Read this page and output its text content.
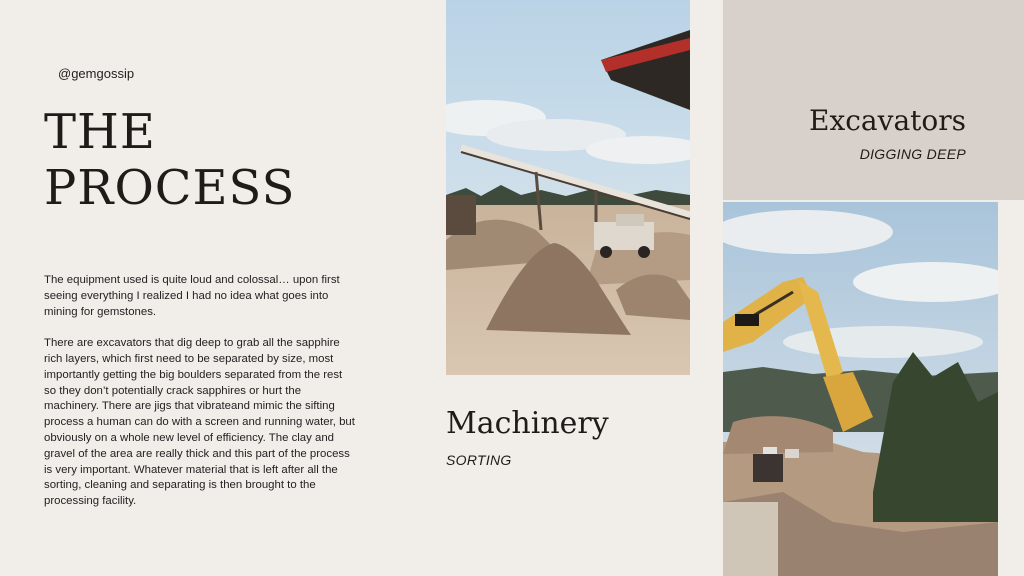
@gemgossip
THE
PROCESS

The equipment used is quite loud and colossal… upon first seeing everything I realized I had no idea what goes into mining for gemstones.

There are excavators that dig deep to grab all the sapphire rich layers, which first need to be separated by size, most importantly getting the big boulders separated from the rest so they don’t potentially crack sapphires or hurt the machinery. There are jigs that vibrateand mimic the sifting process a human can do with a screen and running water, but obviously on a whole new level of efficiency. The clay and gravel of the area are really thick and this part of the process is very important. Whatever material that is left after all the sorting, cleaning and separating is then brought to the processing facility.

Machinery
SORTING
Excavators
DIGGING DEEP
